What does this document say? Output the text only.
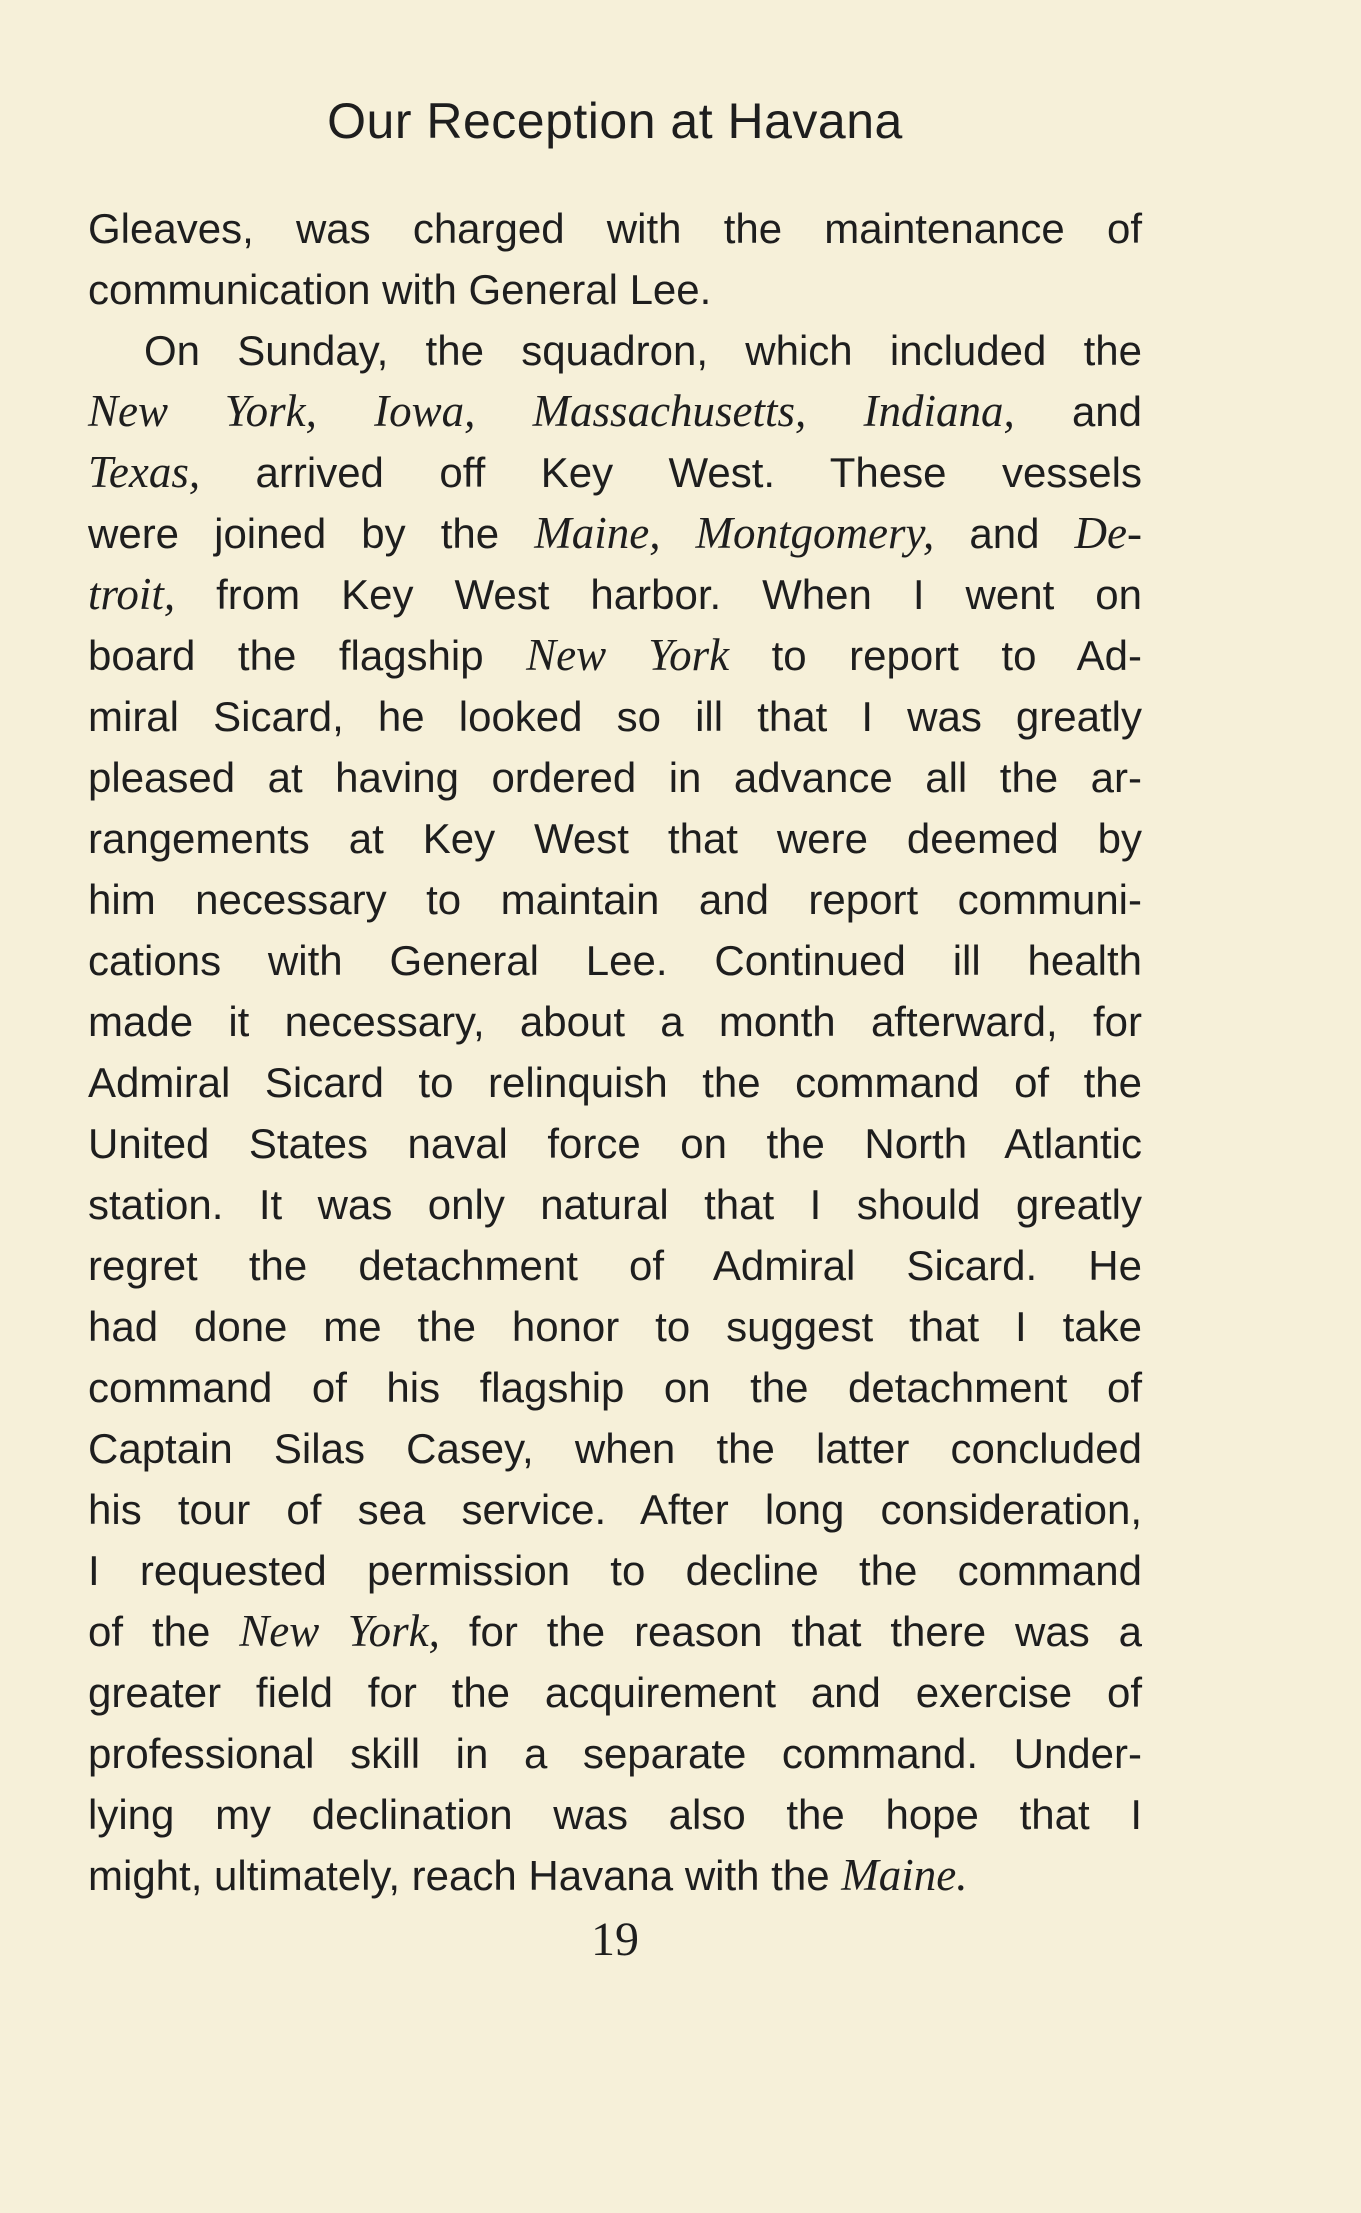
Our Reception at Havana
Gleaves, was charged with the maintenance of
communication with General Lee.
On Sunday, the squadron, which included the
New York, Iowa, Massachusetts, Indiana, and
Texas, arrived off Key West. These vessels
were joined by the Maine, Montgomery, and De-
troit, from Key West harbor. When I went on
board the flagship New York to report to Ad-
miral Sicard, he looked so ill that I was greatly
pleased at having ordered in advance all the ar-
rangements at Key West that were deemed by
him necessary to maintain and report communi-
cations with General Lee. Continued ill health
made it necessary, about a month afterward, for
Admiral Sicard to relinquish the command of the
United States naval force on the North Atlantic
station. It was only natural that I should greatly
regret the detachment of Admiral Sicard. He
had done me the honor to suggest that I take
command of his flagship on the detachment of
Captain Silas Casey, when the latter concluded
his tour of sea service. After long consideration,
I requested permission to decline the command
of the New York, for the reason that there was a
greater field for the acquirement and exercise of
professional skill in a separate command. Under-
lying my declination was also the hope that I
might, ultimately, reach Havana with the Maine.
19
